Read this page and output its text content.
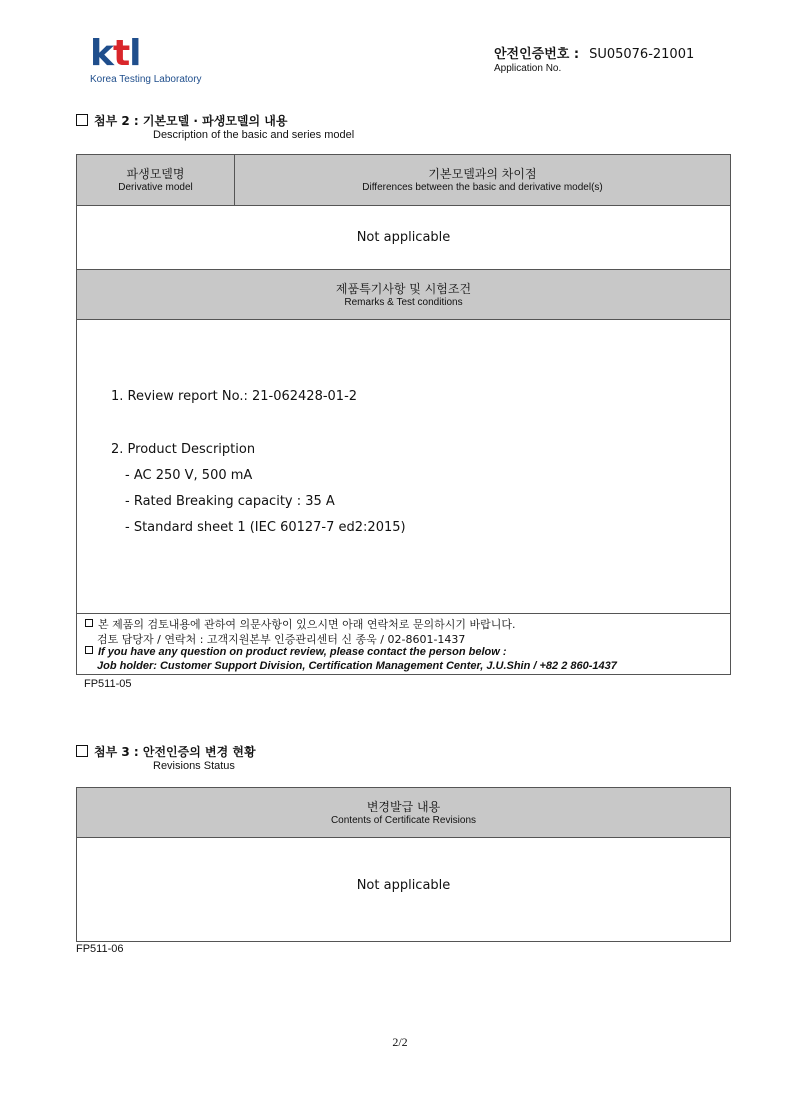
ktl
Korea Testing Laboratory
안전인증번호 : SU05076-21001
Application No.
첨부 2 : 기본모델 · 파생모델의 내용
Description of the basic and series model
파생모델명
Derivative model
기본모델과의 차이점
Differences between the basic and derivative model(s)
Not applicable
제품특기사항 및 시험조건
Remarks & Test conditions
1. Review report No.: 21-062428-01-2
2. Product Description
- AC 250 V, 500 mA
- Rated Breaking capacity : 35 A
- Standard sheet 1 (IEC 60127-7 ed2:2015)
본 제품의 검토내용에 관하여 의문사항이 있으시면 아래 연락처로 문의하시기 바랍니다.
검토 담당자 / 연락처 : 고객지원본부 인증관리센터 신 종욱 / 02-8601-1437
If you have any question on product review, please contact the person below :
Job holder: Customer Support Division, Certification Management Center, J.U.Shin / +82 2 860-1437
FP511-05
첨부 3 : 안전인증의 변경 현황
Revisions Status
변경발급 내용
Contents of Certificate Revisions
Not applicable
FP511-06
2/2
